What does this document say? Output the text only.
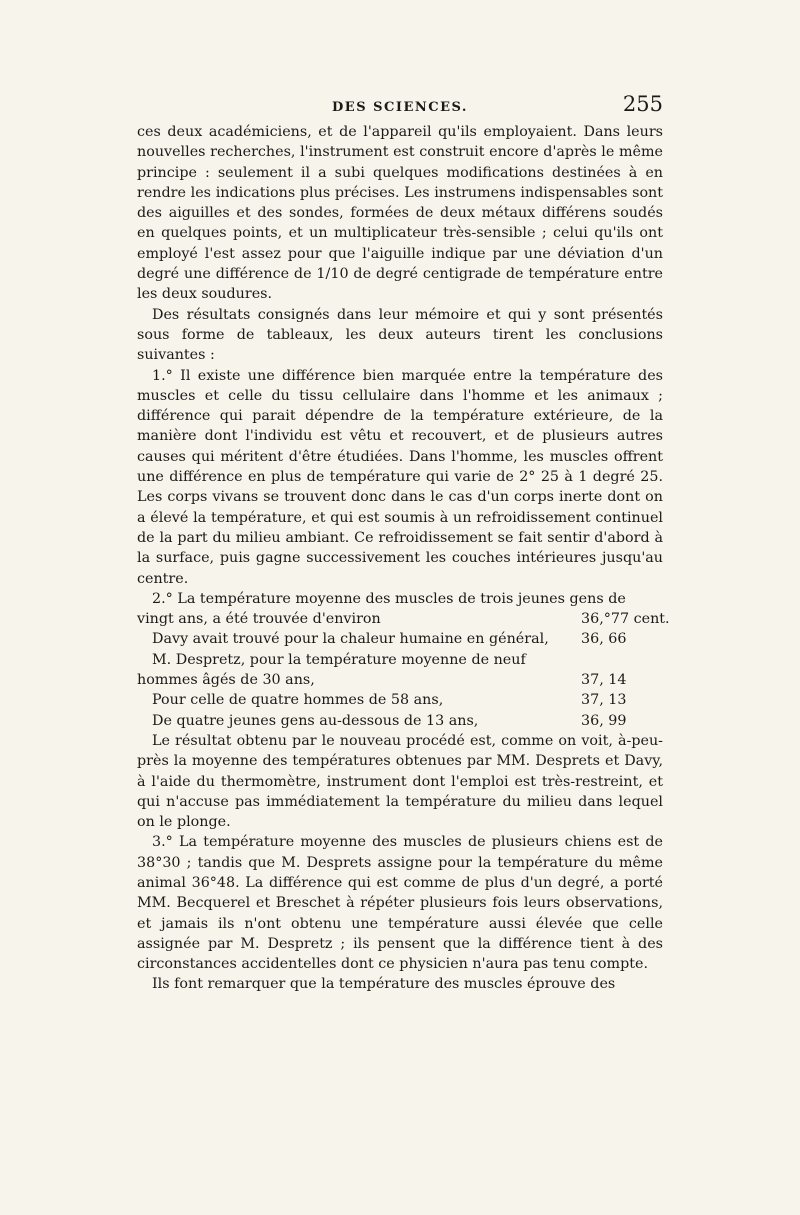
DES SCIENCES.	255

ces deux académiciens, et de l'appareil qu'ils employaient. Dans leurs nouvelles recherches, l'instrument est construit encore d'après le même principe : seulement il a subi quelques modifications destinées à en rendre les indications plus précises. Les instrumens indispensables sont des aiguilles et des sondes, formées de deux métaux différens soudés en quelques points, et un multiplicateur très-sensible ; celui qu'ils ont employé l'est assez pour que l'aiguille indique par une déviation d'un degré une différence de 1/10 de degré centigrade de température entre les deux soudures.

Des résultats consignés dans leur mémoire et qui y sont présentés sous forme de tableaux, les deux auteurs tirent les conclusions suivantes :

1.° Il existe une différence bien marquée entre la température des muscles et celle du tissu cellulaire dans l'homme et les animaux ; différence qui parait dépendre de la température extérieure, de la manière dont l'individu est vêtu et recouvert, et de plusieurs autres causes qui méritent d'être étudiées. Dans l'homme, les muscles offrent une différence en plus de température qui varie de 2° 25 à 1 degré 25. Les corps vivans se trouvent donc dans le cas d'un corps inerte dont on a élevé la température, et qui est soumis à un refroidissement continuel de la part du milieu ambiant. Ce refroidissement se fait sentir d'abord à la surface, puis gagne successivement les couches intérieures jusqu'au centre.

2.° La température moyenne des muscles de trois jeunes gens de

vingt ans, a été trouvée d'environ	36,°77 cent.
Davy avait trouvé pour la chaleur humaine en général, 36, 66
M. Despretz, pour la température moyenne de neuf
hommes âgés de 30 ans,	37, 14
Pour celle de quatre hommes de 58 ans,	37, 13
De quatre jeunes gens au-dessous de 13 ans,	36, 99

Le résultat obtenu par le nouveau procédé est, comme on voit, à-peu-près la moyenne des températures obtenues par MM. Desprets et Davy, à l'aide du thermomètre, instrument dont l'emploi est très-restreint, et qui n'accuse pas immédiatement la température du milieu dans lequel on le plonge.

3.° La température moyenne des muscles de plusieurs chiens est de 38°30 ; tandis que M. Desprets assigne pour la température du même animal 36°48. La différence qui est comme de plus d'un degré, a porté MM. Becquerel et Breschet à répéter plusieurs fois leurs observations, et jamais ils n'ont obtenu une température aussi élevée que celle assignée par M. Despretz ; ils pensent que la différence tient à des circonstances accidentelles dont ce physicien n'aura pas tenu compte.

Ils font remarquer que la température des muscles éprouve des
